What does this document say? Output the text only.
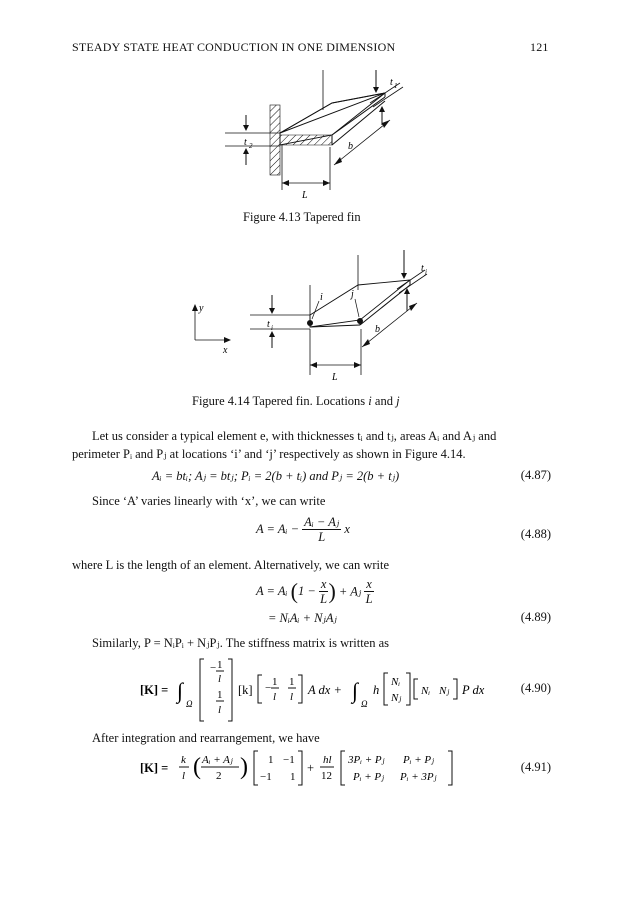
STEADY STATE HEAT CONDUCTION IN ONE DIMENSION	121
t 1
t 2	b
L
Figure 4.13 Tapered fin
y
x
i	j
t j
t i	b
L
Figure 4.14 Tapered fin. Locations i and j
Let us consider a typical element e, with thicknesses tᵢ and tⱼ, areas Aᵢ and Aⱼ and
perimeter Pᵢ and Pⱼ at locations ‘i’ and ‘j’ respectively as shown in Figure 4.14.
Aᵢ = btᵢ; Aⱼ = btⱼ; Pᵢ = 2(b + tᵢ) and Pⱼ = 2(b + tⱼ)	(4.87)
Since ‘A’ varies linearly with ‘x’, we can write
A = Aᵢ − $\frac{\text{Aᵢ − Aⱼ}}{L}$ x	(4.88)
where L is the length of an element. Alternatively, we can write
A = Aᵢ ($1 - \frac{x}{L}$ ) + Aⱼ $\frac{x}{L}$
= NᵢAᵢ + NⱼAⱼ	(4.89)
Similarly, P = NᵢPᵢ + NⱼPⱼ. The stiffness matrix is written as
[K] = ∫
Ω
− 1
l
1
l
[k] − 1
l
1
l A dx + ∫
Ω
h
Nᵢ
Nⱼ
Nᵢ Nⱼ P dx	(4.90)
After integration and rearrangement, we have
[K] =
k
l ( Aᵢ + Aⱼ
2 ) 1 −1
−1 1
+
hl
12
3Pᵢ + Pⱼ Pᵢ + Pⱼ
Pᵢ + Pⱼ Pᵢ + 3Pⱼ
(4.91)
